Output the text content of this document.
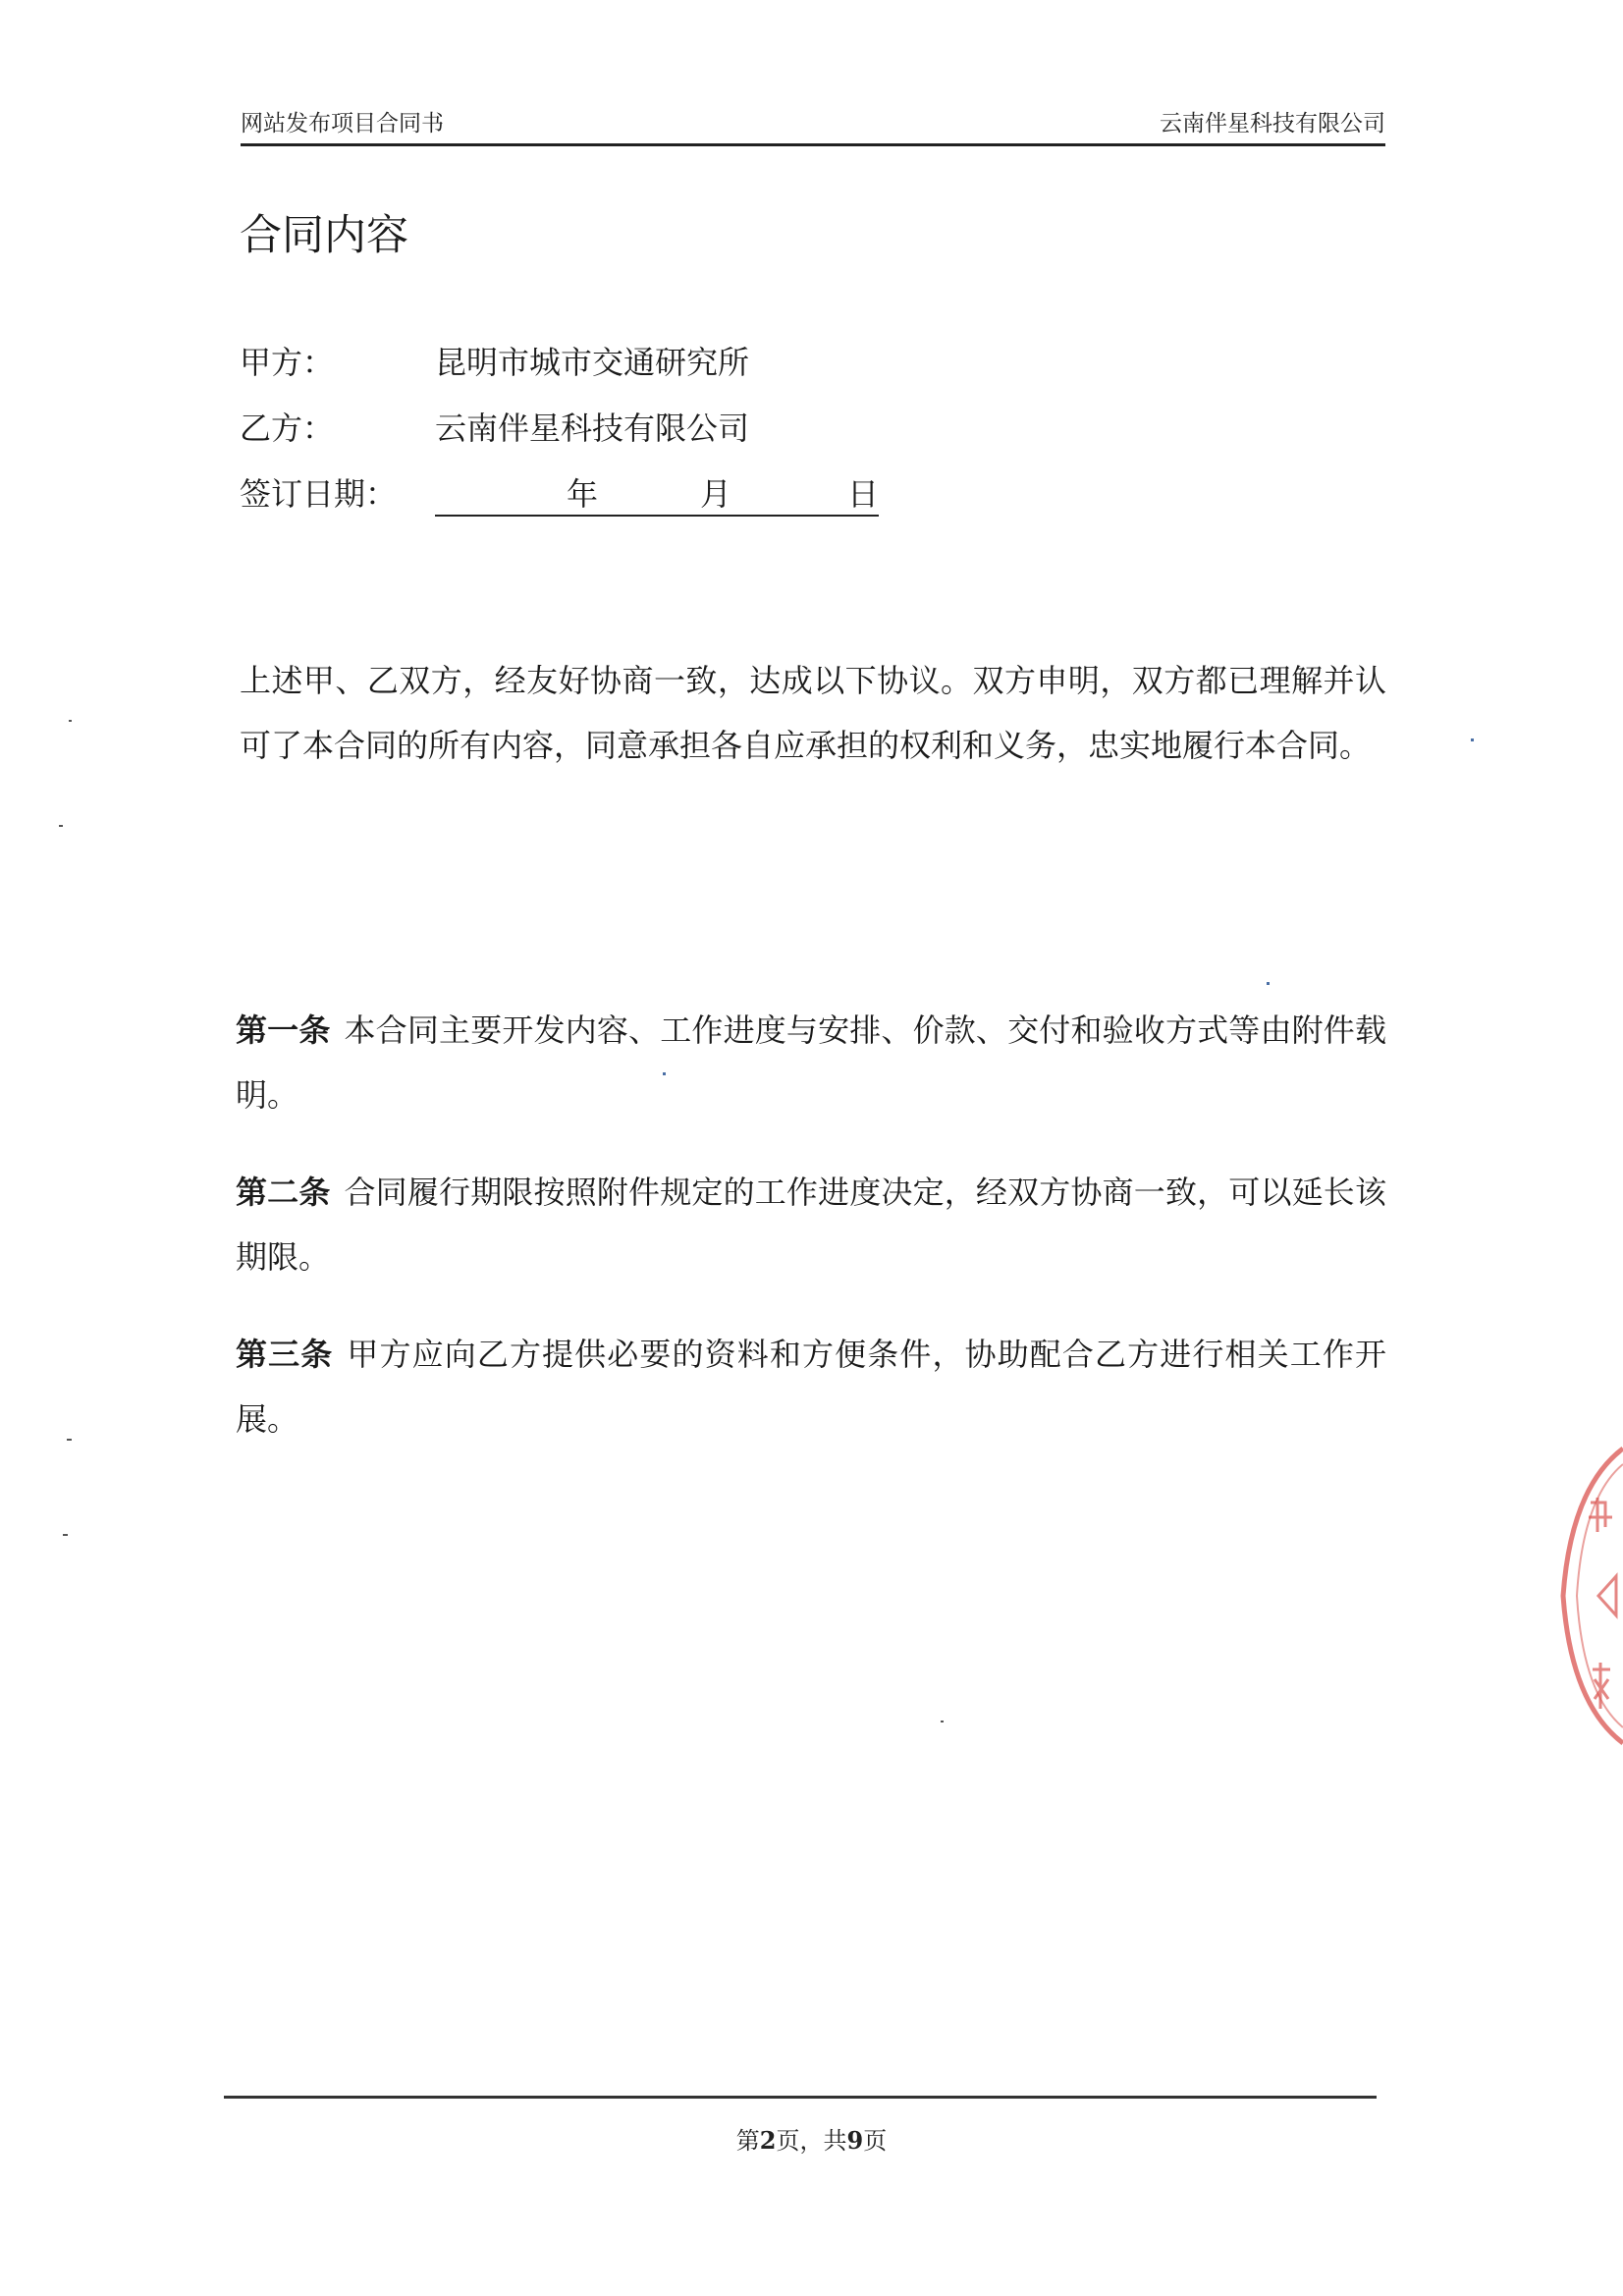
网站发布项目合同书	云南伴星科技有限公司
合同内容
甲方：	昆明市城市交通研究所
乙方：	云南伴星科技有限公司
签订日期：	年	月	日

上述甲、乙双方，经友好协商一致，达成以下协议。双方申明，双方都已理解并认可了本合同的所有内容，同意承担各自应承担的权利和义务，忠实地履行本合同。

第一条 本合同主要开发内容、工作进度与安排、价款、交付和验收方式等由附件载明。

第二条 合同履行期限按照附件规定的工作进度决定，经双方协商一致，可以延长该期限。

第三条 甲方应向乙方提供必要的资料和方便条件，协助配合乙方进行相关工作开展。

第2页，共9页
